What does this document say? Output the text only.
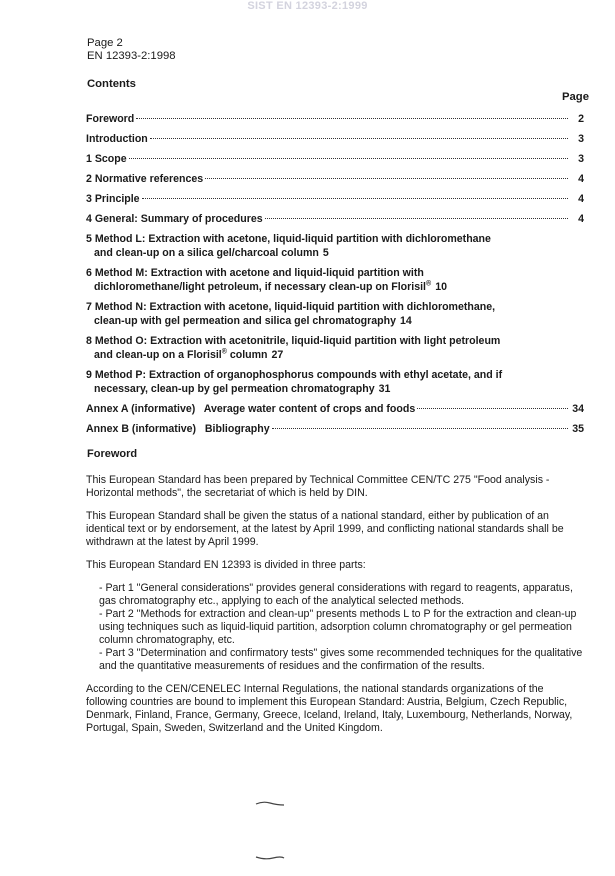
SIST EN 12393-2:1999
Page 2
EN 12393-2:1998
Contents
Page
Foreword	2
Introduction	3
1 Scope	3
2 Normative references	4
3 Principle	4
4 General: Summary of procedures	4
5 Method L: Extraction with acetone, liquid-liquid partition with dichloromethane
and clean-up on a silica gel/charcoal column 5
6 Method M: Extraction with acetone and liquid-liquid partition with
dichloromethane/light petroleum, if necessary clean-up on Florisil® 10
7 Method N: Extraction with acetone, liquid-liquid partition with dichloromethane,
clean-up with gel permeation and silica gel chromatography 14
8 Method O: Extraction with acetonitrile, liquid-liquid partition with light petroleum
and clean-up on a Florisil® column 27
9 Method P: Extraction of organophosphorus compounds with ethyl acetate, and if
necessary, clean-up by gel permeation chromatography 31
Annex A (informative)   Average water content of crops and foods	34
Annex B (informative)   Bibliography	35
Foreword

This European Standard has been prepared by Technical Committee CEN/TC 275 "Food analysis - Horizontal methods", the secretariat of which is held by DIN.

This European Standard shall be given the status of a national standard, either by publication of an identical text or by endorsement, at the latest by April 1999, and conflicting national standards shall be withdrawn at the latest by April 1999.

This European Standard EN 12393 is divided in three parts:

- Part 1 "General considerations" provides general considerations with regard to reagents, apparatus, gas chromatography etc., applying to each of the analytical selected methods.
- Part 2 "Methods for extraction and clean-up" presents methods L to P for the extraction and clean-up using techniques such as liquid-liquid partition, adsorption column chromatography or gel permeation column chromatography, etc.
- Part 3 "Determination and confirmatory tests" gives some recommended techniques for the qualitative and the quantitative measurements of residues and the confirmation of the results.

According to the CEN/CENELEC Internal Regulations, the national standards organizations of the following countries are bound to implement this European Standard: Austria, Belgium, Czech Republic, Denmark, Finland, France, Germany, Greece, Iceland, Ireland, Italy, Luxembourg, Netherlands, Norway, Portugal, Spain, Sweden, Switzerland and the United Kingdom.
